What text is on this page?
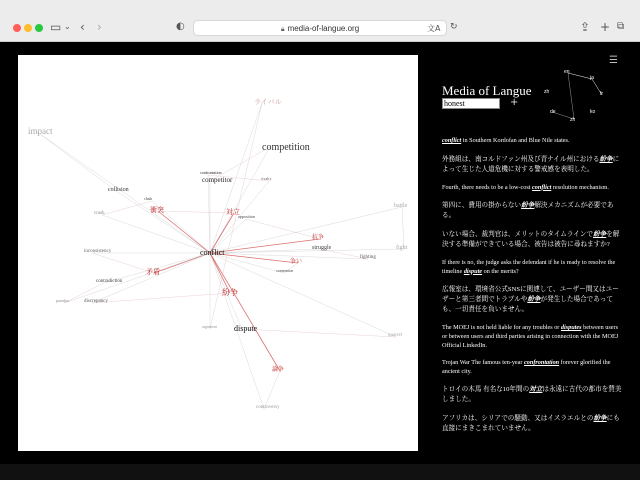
▭ ⌄ ‹ ›	◐	🔒︎ media-of-langue.org	文A ↻	⇪ + ⧉
conflict
competition
competitor
confrontation
rivalry
impact
collision
clash
crash	衝突	対立
opposition
抗争
struggle
fighting
fight
battle
争い
contention
inconsistency
矛盾
contradiction
paradox	discrepancy
紛争
dispute
quarrel
論争
controversy
ライバル
argument
☰
Media of Langue
honest	+
en
ja
fr
zh
ko
de
zh
conflict in Southern Kordofan and Blue Nile states.
外務組は、南コルドファン州及び青ナイル州における紛争によって生じた人道危機に対する警戒感を表明した。
Fourth, there needs to be a low-cost conflict resolution mechanism.
第四に、費用の掛からない紛争解決メカニズムが必要である。
いない場合、裁判官は、メリットのタイムラインで紛争を解決する準備ができている場合、被告は被告に尋ねますか?
If there is no, the judge asks the defendant if he is ready to resolve the timeline dispute on the merits?
広報室は、環境省公式SNSに関連して、ユーザー間又はユーザーと第三者間でトラブルや紛争が発生した場合であっても、一切責任を負いません。
The MOEJ is not held liable for any troubles or disputes between users or between users and third parties arising in connection with the MOEJ Official LinkedIn.
Trojan War The famous ten-year confrontation forever glorified the ancient city.
トロイの木馬 有名な10年間の対立は永遠に古代の都市を賛美しました。
アフリカは、シリアでの騒動、又はイスラエルとの紛争にも直接にまきこまれていません。
